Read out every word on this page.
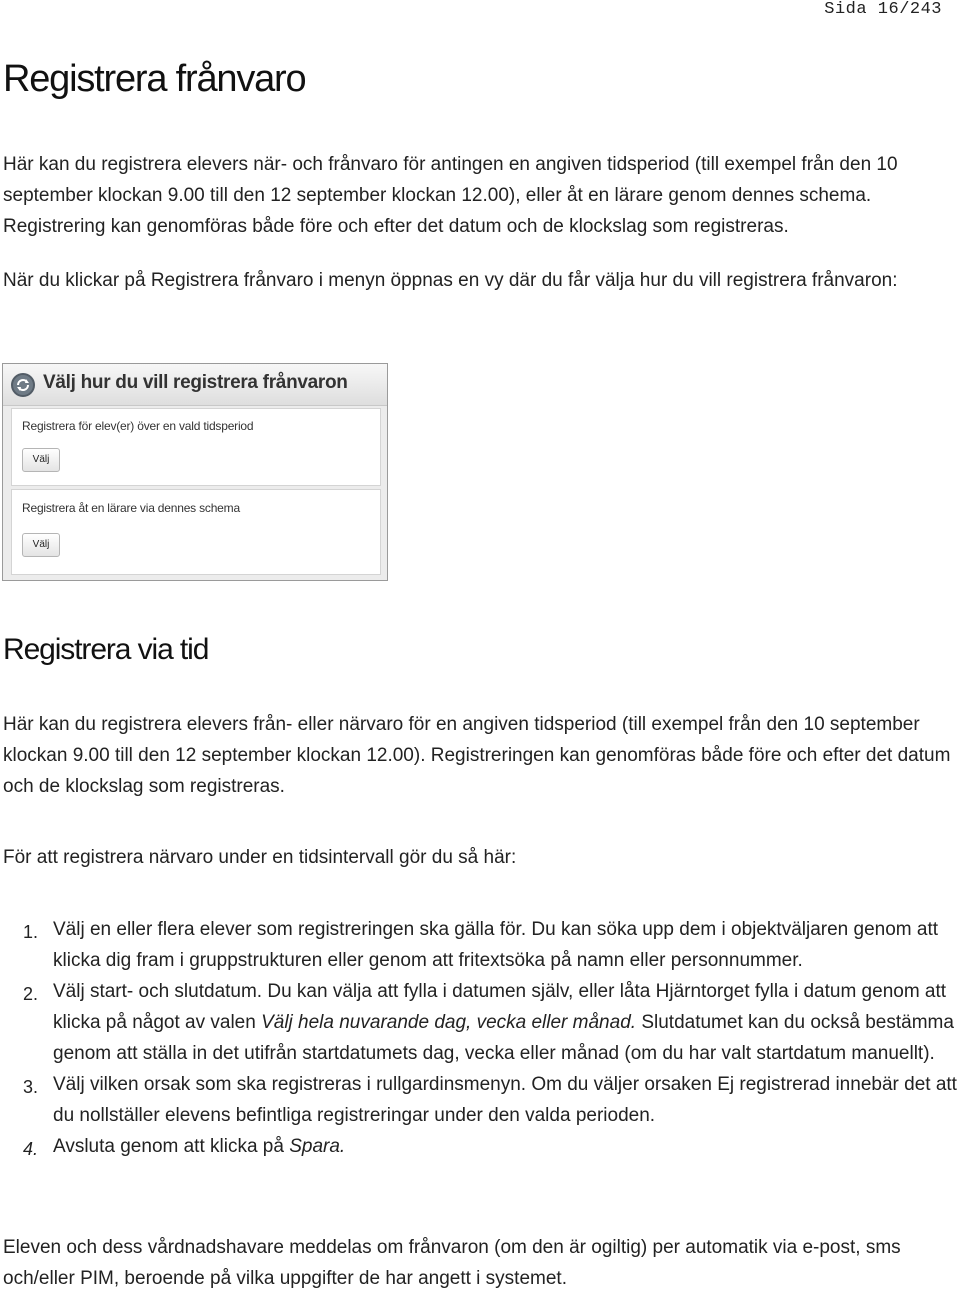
Sida 16/243
Registrera frånvaro

Här kan du registrera elevers när- och frånvaro för antingen en angiven tidsperiod (till exempel från den 10 september klockan 9.00 till den 12 september klockan 12.00), eller åt en lärare genom dennes schema. Registrering kan genomföras både före och efter det datum och de klockslag som registreras.

När du klickar på Registrera frånvaro i menyn öppnas en vy där du får välja hur du vill registrera frånvaron:

Välj hur du vill registrera frånvaron
Registrera för elev(er) över en vald tidsperiod
Välj
Registrera åt en lärare via dennes schema
Välj
Registrera via tid

Här kan du registrera elevers från- eller närvaro för en angiven tidsperiod (till exempel från den 10 september klockan 9.00 till den 12 september klockan 12.00). Registreringen kan genomföras både före och efter det datum och de klockslag som registreras.

För att registrera närvaro under en tidsintervall gör du så här:

1. Välj en eller flera elever som registreringen ska gälla för. Du kan söka upp dem i objektväljaren genom att klicka dig fram i gruppstrukturen eller genom att fritextsöka på namn eller personnummer.
2. Välj start- och slutdatum. Du kan välja att fylla i datumen själv, eller låta Hjärntorget fylla i datum genom att klicka på något av valen Välj hela nuvarande dag, vecka eller månad. Slutdatumet kan du också bestämma genom att ställa in det utifrån startdatumets dag, vecka eller månad (om du har valt startdatum manuellt).
3. Välj vilken orsak som ska registreras i rullgardinsmenyn. Om du väljer orsaken Ej registrerad innebär det att du nollställer elevens befintliga registreringar under den valda perioden.
4. Avsluta genom att klicka på Spara.

Eleven och dess vårdnadshavare meddelas om frånvaron (om den är ogiltig) per automatik via e-post, sms och/eller PIM, beroende på vilka uppgifter de har angett i systemet.
